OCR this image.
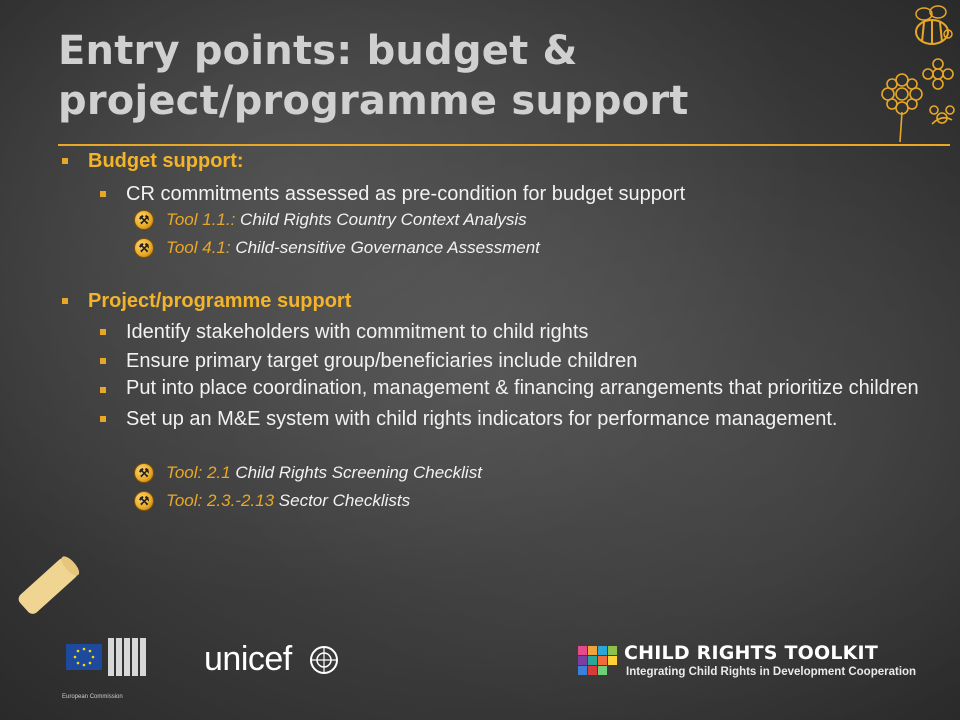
Entry points: budget &
project/programme support
Budget support:
CR commitments assessed as pre-condition for budget support
⚒ Tool 1.1.: Child Rights Country Context Analysis
⚒ Tool 4.1: Child-sensitive Governance Assessment
Project/programme support
Identify stakeholders with commitment to child rights
Ensure primary target group/beneficiaries include children
Put into place coordination, management & financing arrangements that prioritize children
Set up an M&E system with child rights indicators for performance management.
⚒ Tool: 2.1 Child Rights Screening Checklist
⚒ Tool: 2.3.-2.13 Sector Checklists
European Commission
unicef	CHILD RIGHTS TOOLKIT
Integrating Child Rights in Development Cooperation
